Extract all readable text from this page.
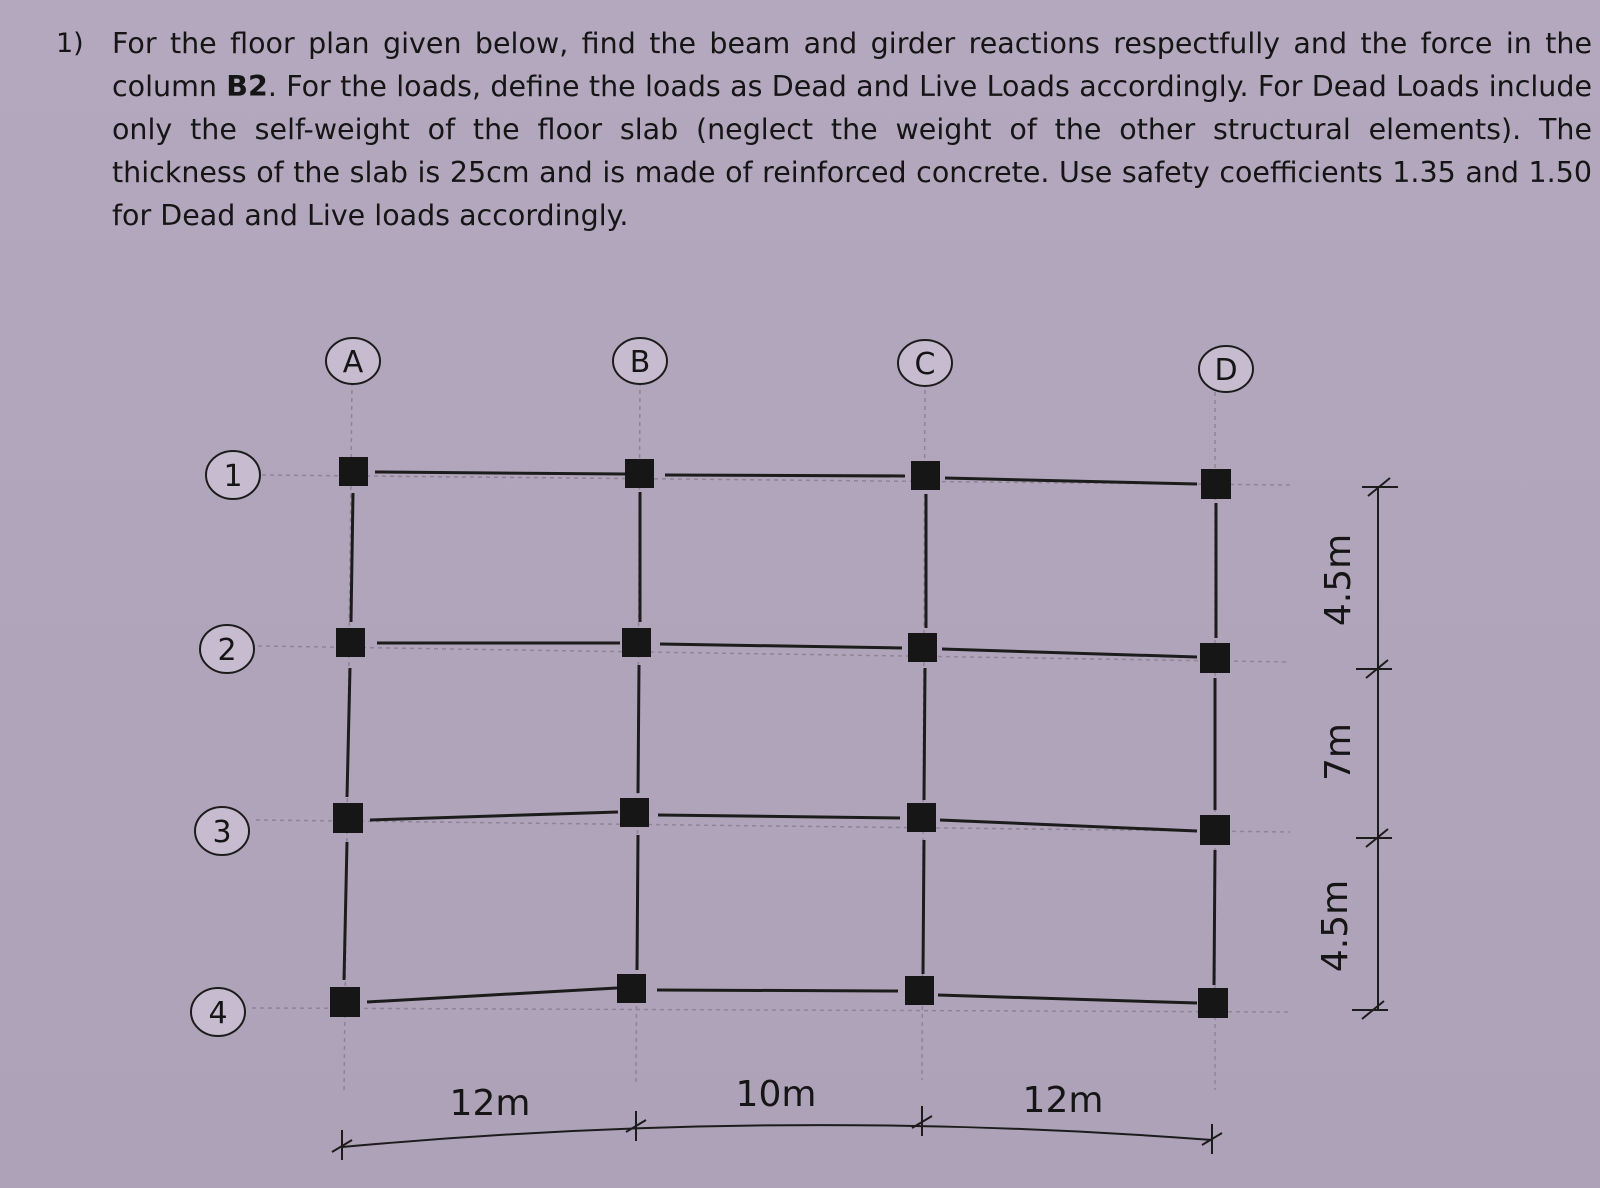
1) For the floor plan given below, find the beam and girder reactions respectfully and the force in the column B2. For the loads, define the loads as Dead and Live Loads accordingly. For Dead Loads include only the self-weight of the floor slab (neglect the weight of the other structural elements). The thickness of the slab is 25cm and is made of reinforced concrete. Use safety coefficients 1.35 and 1.50 for Dead and Live loads accordingly.
A	B	C	D
1
2
3
4
12m	10m	12m
4.5m
7m
4.5m
